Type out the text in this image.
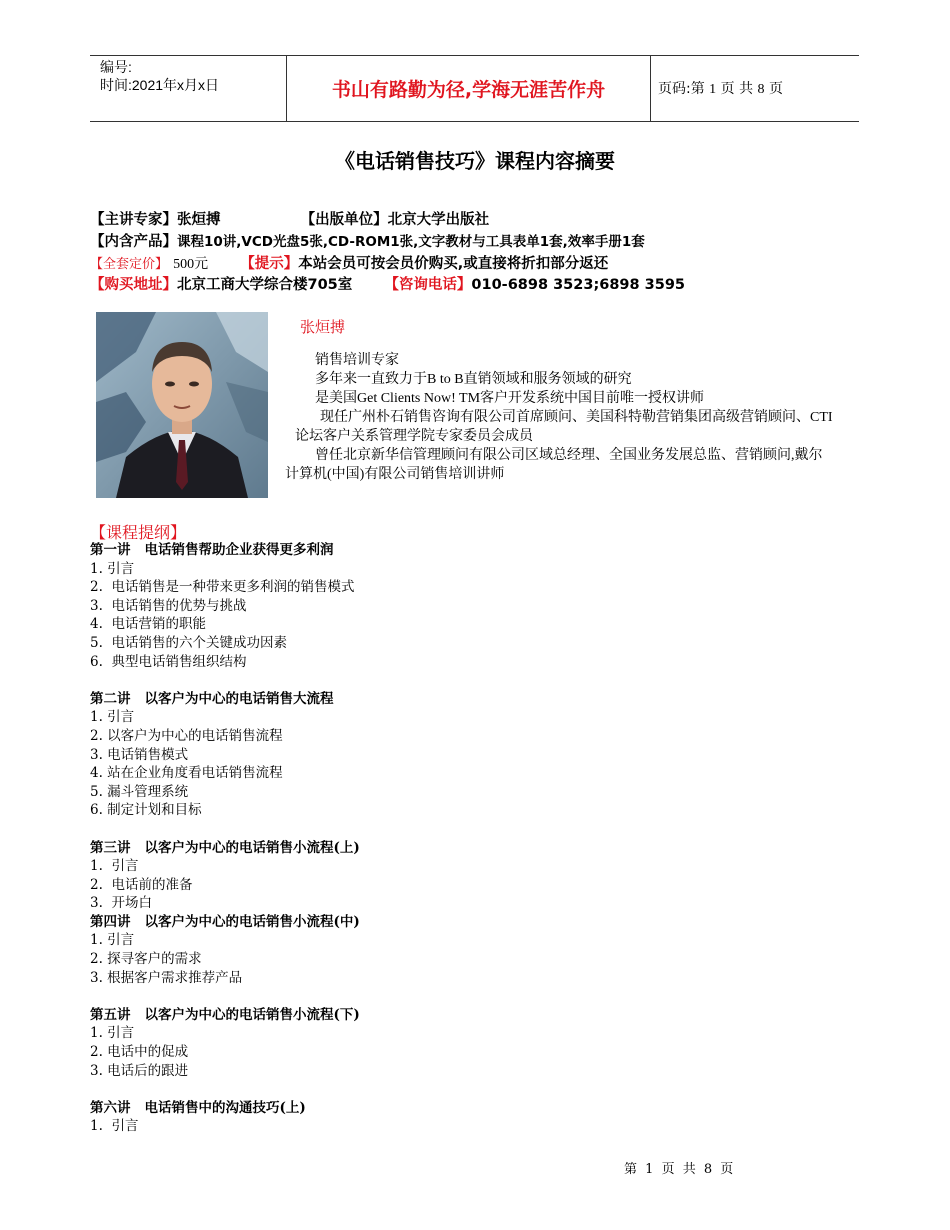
编号:
时间:2021年x月x日	书山有路勤为径,学海无涯苦作舟	页码:第 1 页 共 8 页
《电话销售技巧》课程内容摘要
【主讲专家】张烜搏	【出版单位】北京大学出版社
【内含产品】课程10讲,VCD光盘5张,CD-ROM1张,文字教材与工具表单1套,效率手册1套
【全套定价】 500元 【提示】本站会员可按会员价购买,或直接将折扣部分返还
【购买地址】北京工商大学综合楼705室 【咨询电话】010-6898 3523;6898 3595
张烜搏

销售培训专家

多年来一直致力于B to B直销领域和服务领域的研究

是美国Get Clients Now! TM客户开发系统中国目前唯一授权讲师

现任广州朴石销售咨询有限公司首席顾问、美国科特勒营销集团高级营销顾问、CTI

论坛客户关系管理学院专家委员会成员

曾任北京新华信管理顾问有限公司区域总经理、全国业务发展总监、营销顾问,戴尔

计算机(中国)有限公司销售培训讲师

【课程提纲】
第一讲 电话销售帮助企业获得更多利润
1. 引言
2.  电话销售是一种带来更多利润的销售模式
3.  电话销售的优势与挑战
4.  电话营销的职能
5.  电话销售的六个关键成功因素
6.  典型电话销售组织结构
第二讲 以客户为中心的电话销售大流程
1. 引言
2. 以客户为中心的电话销售流程
3. 电话销售模式
4. 站在企业角度看电话销售流程
5. 漏斗管理系统
6. 制定计划和目标
第三讲 以客户为中心的电话销售小流程(上)
1.  引言
2.  电话前的准备
3.  开场白
第四讲 以客户为中心的电话销售小流程(中)
1. 引言
2. 探寻客户的需求
3. 根据客户需求推荐产品
第五讲 以客户为中心的电话销售小流程(下)
1. 引言
2. 电话中的促成
3. 电话后的跟进
第六讲 电话销售中的沟通技巧(上)
1.  引言
第 1 页 共 8 页
